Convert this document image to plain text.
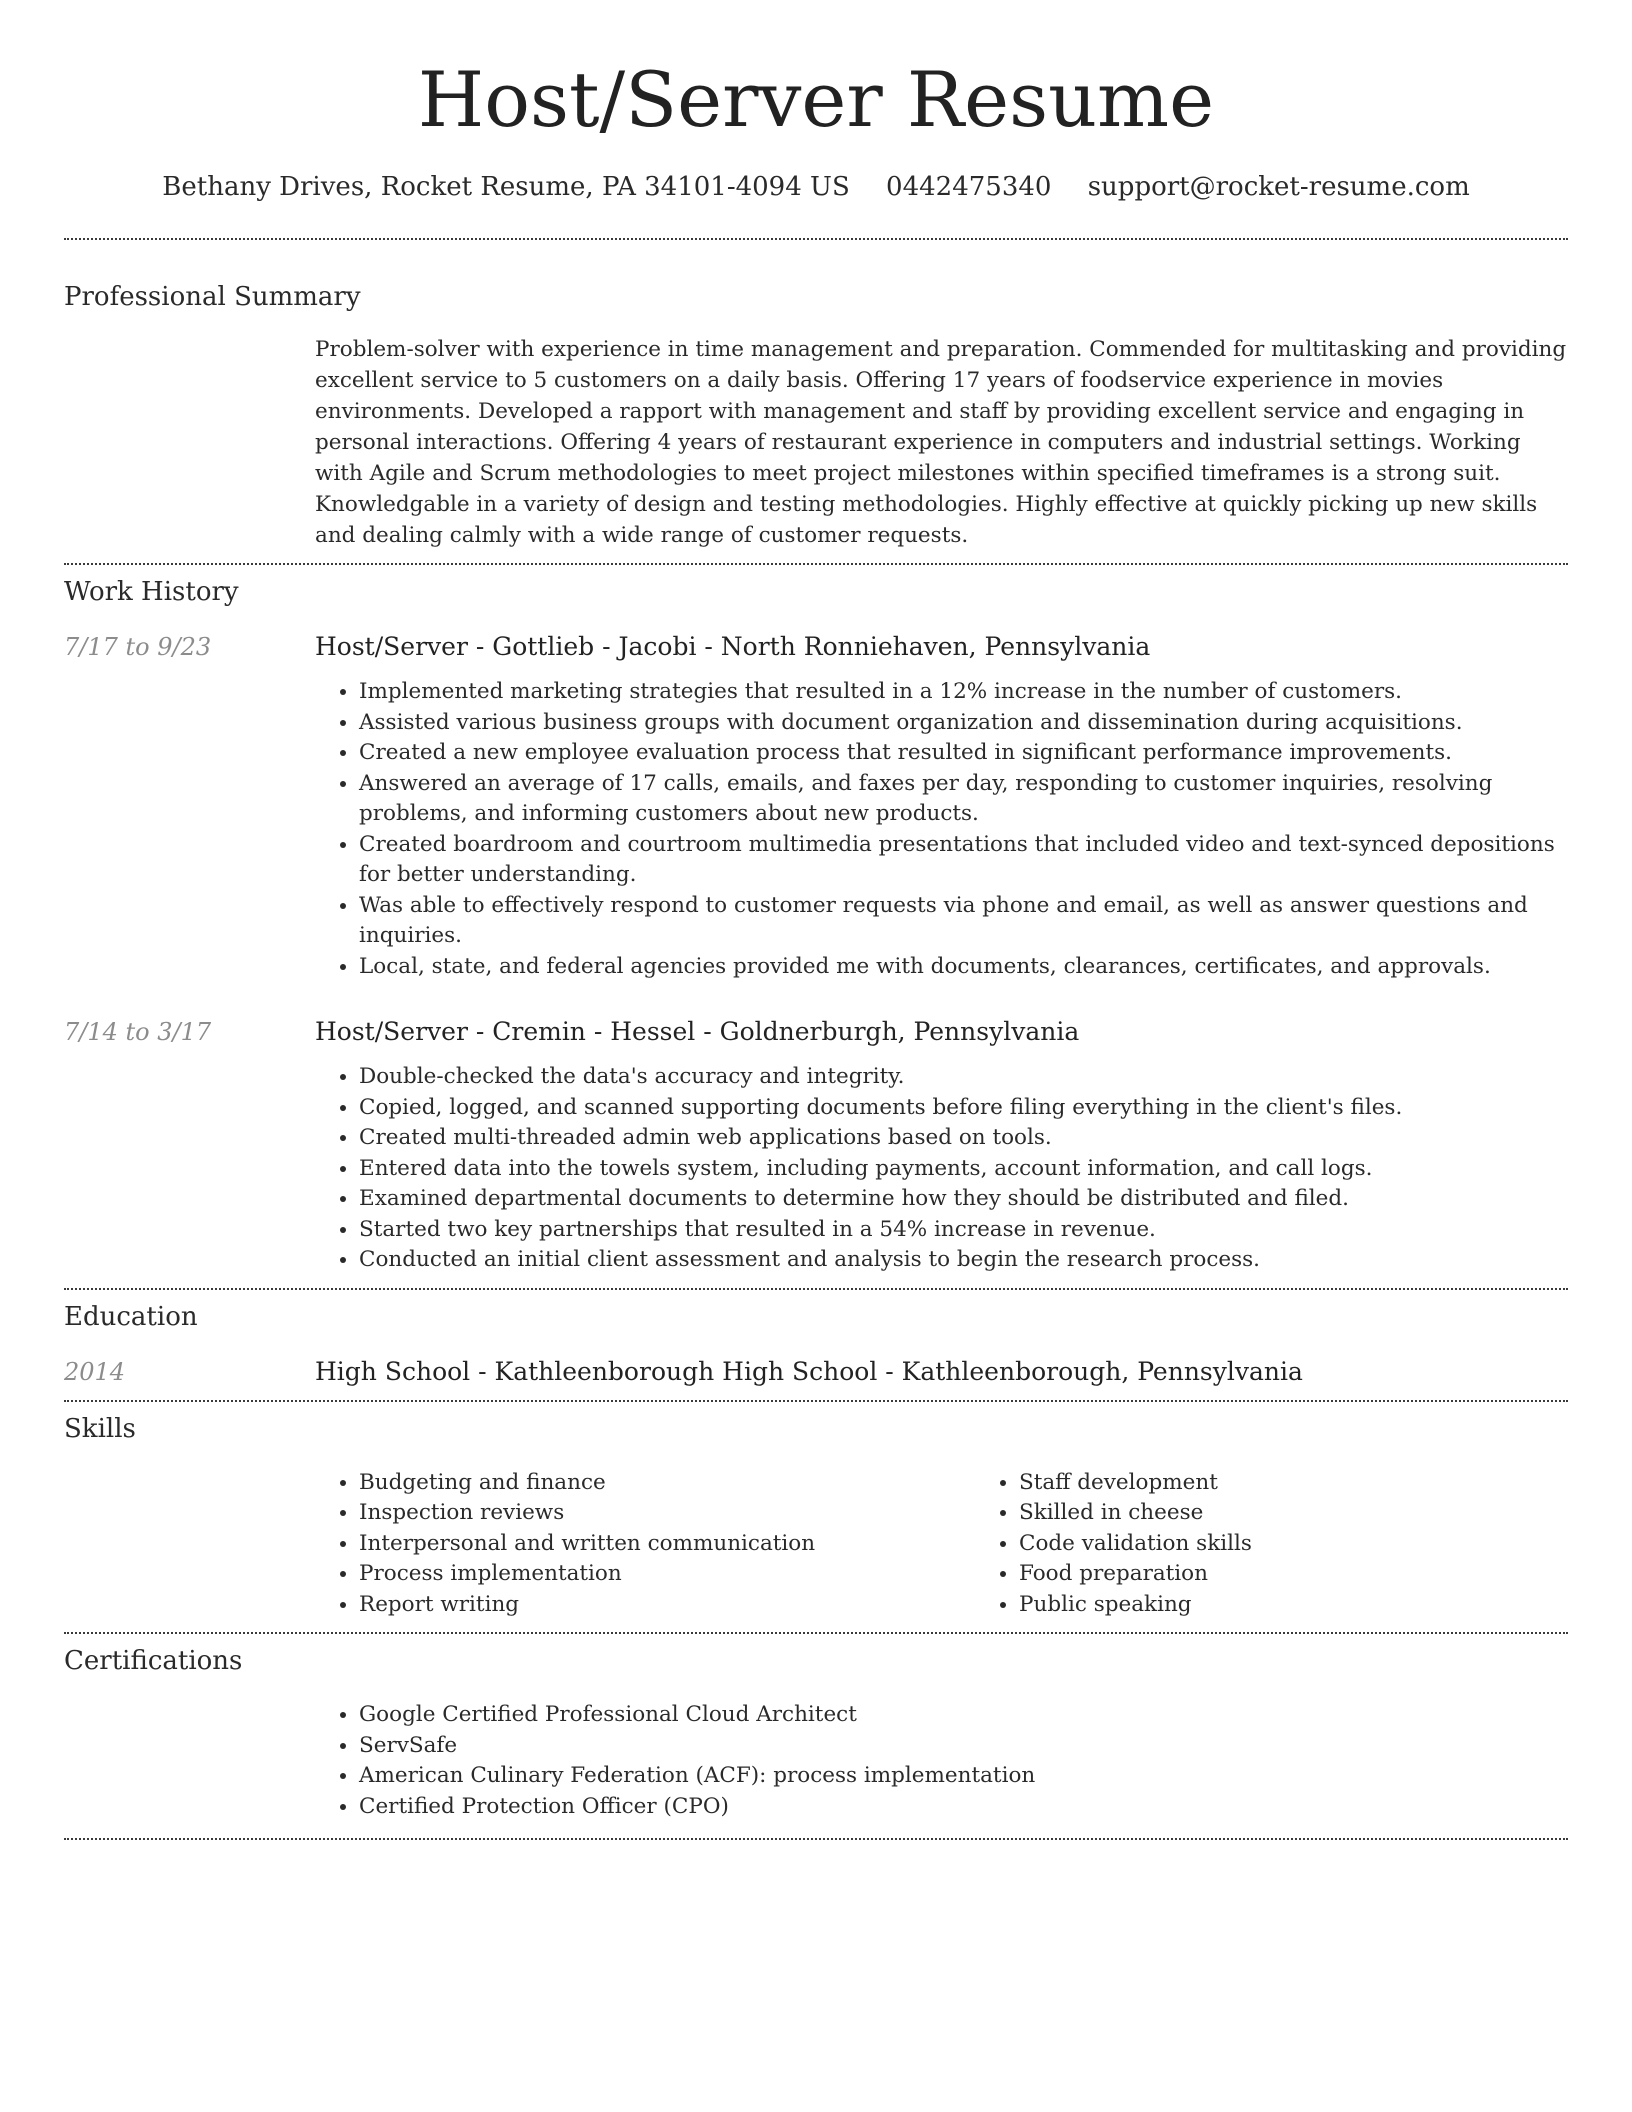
Host/Server Resume
Bethany Drives, Rocket Resume, PA 34101-4094 US 0442475340 support@rocket-resume.com
Professional Summary

Problem-solver with experience in time management and preparation. Commended for multitasking and providing excellent service to 5 customers on a daily basis. Offering 17 years of foodservice experience in movies environments. Developed a rapport with management and staff by providing excellent service and engaging in personal interactions. Offering 4 years of restaurant experience in computers and industrial settings. Working with Agile and Scrum methodologies to meet project milestones within specified timeframes is a strong suit. Knowledgable in a variety of design and testing methodologies. Highly effective at quickly picking up new skills and dealing calmly with a wide range of customer requests.

Work History
7/17 to 9/23	Host/Server - Gottlieb - Jacobi - North Ronniehaven, Pennsylvania
• Implemented marketing strategies that resulted in a 12% increase in the number of customers.
• Assisted various business groups with document organization and dissemination during acquisitions.
• Created a new employee evaluation process that resulted in significant performance improvements.
• Answered an average of 17 calls, emails, and faxes per day, responding to customer inquiries, resolving problems, and informing customers about new products.
• Created boardroom and courtroom multimedia presentations that included video and text-synced depositions for better understanding.
• Was able to effectively respond to customer requests via phone and email, as well as answer questions and inquiries.
• Local, state, and federal agencies provided me with documents, clearances, certificates, and approvals.
7/14 to 3/17	Host/Server - Cremin - Hessel - Goldnerburgh, Pennsylvania
• Double-checked the data's accuracy and integrity.
• Copied, logged, and scanned supporting documents before filing everything in the client's files.
• Created multi-threaded admin web applications based on tools.
• Entered data into the towels system, including payments, account information, and call logs.
• Examined departmental documents to determine how they should be distributed and filed.
• Started two key partnerships that resulted in a 54% increase in revenue.
• Conducted an initial client assessment and analysis to begin the research process.
Education
2014	High School - Kathleenborough High School - Kathleenborough, Pennsylvania
Skills
• Budgeting and finance
• Inspection reviews
• Interpersonal and written communication
• Process implementation
• Report writing
• Staff development
• Skilled in cheese
• Code validation skills
• Food preparation
• Public speaking
Certifications
• Google Certified Professional Cloud Architect
• ServSafe
• American Culinary Federation (ACF): process implementation
• Certified Protection Officer (CPO)
